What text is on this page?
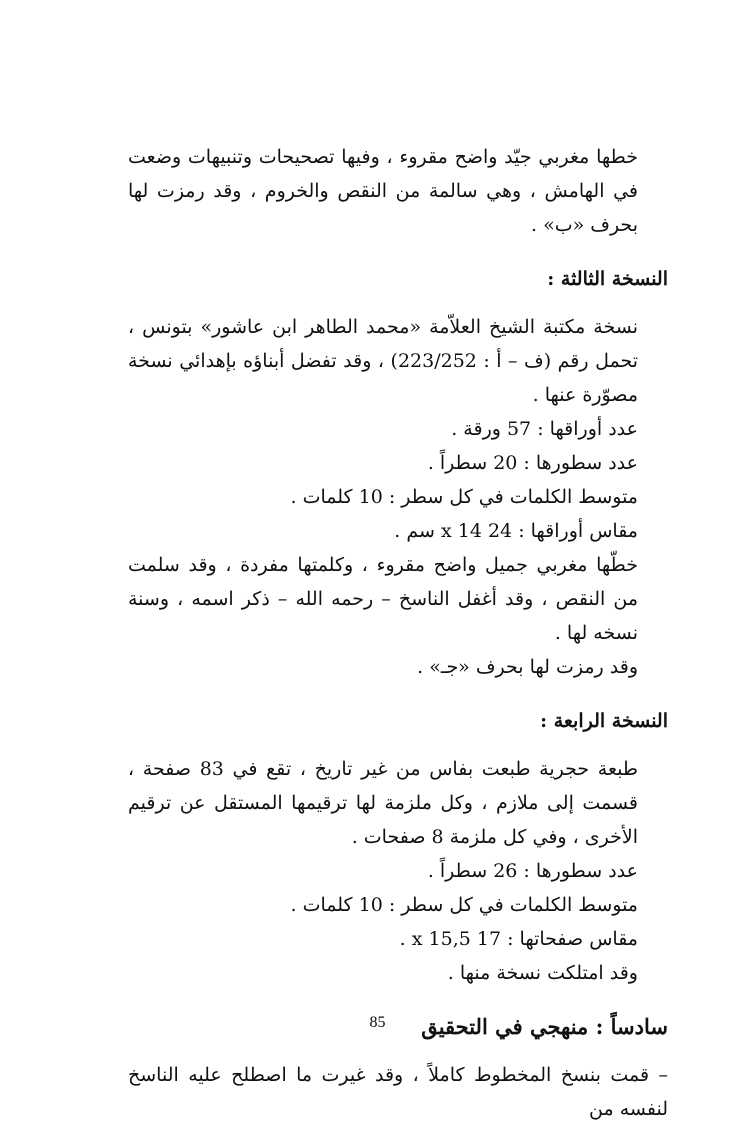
خطها مغربي جيّد واضح مقروء ، وفيها تصحيحات وتنبيهات وضعت في الهامش ، وهي سالمة من النقص والخروم ، وقد رمزت لها بحرف «ب» .

النسخة الثالثة :

نسخة مكتبة الشيخ العلاّمة «محمد الطاهر ابن عاشور» بتونس ، تحمل رقم (ف – أ : 223/252) ، وقد تفضل أبناؤه بإهدائي نسخة مصوّرة عنها .

عدد أوراقها : 57 ورقة .

عدد سطورها : 20 سطراً .

متوسط الكلمات في كل سطر : 10 كلمات .

مقاس أوراقها : 24 x 14 سم .

خطّها مغربي جميل واضح مقروء ، وكلمتها مفردة ، وقد سلمت من النقص ، وقد أغفل الناسخ – رحمه الله – ذكر اسمه ، وسنة نسخه لها .

وقد رمزت لها بحرف «جـ» .

النسخة الرابعة :

طبعة حجرية طبعت بفاس من غير تاريخ ، تقع في 83 صفحة ، قسمت إلى ملازم ، وكل ملزمة لها ترقيمها المستقل عن ترقيم الأخرى ، وفي كل ملزمة 8 صفحات .

عدد سطورها : 26 سطراً .

متوسط الكلمات في كل سطر : 10 كلمات .

مقاس صفحاتها : 17 x 15,5 .

وقد امتلكت نسخة منها .

سادساً : منهجي في التحقيق

– قمت بنسخ المخطوط كاملاً ، وقد غيرت ما اصطلح عليه الناسخ لنفسه من

85
